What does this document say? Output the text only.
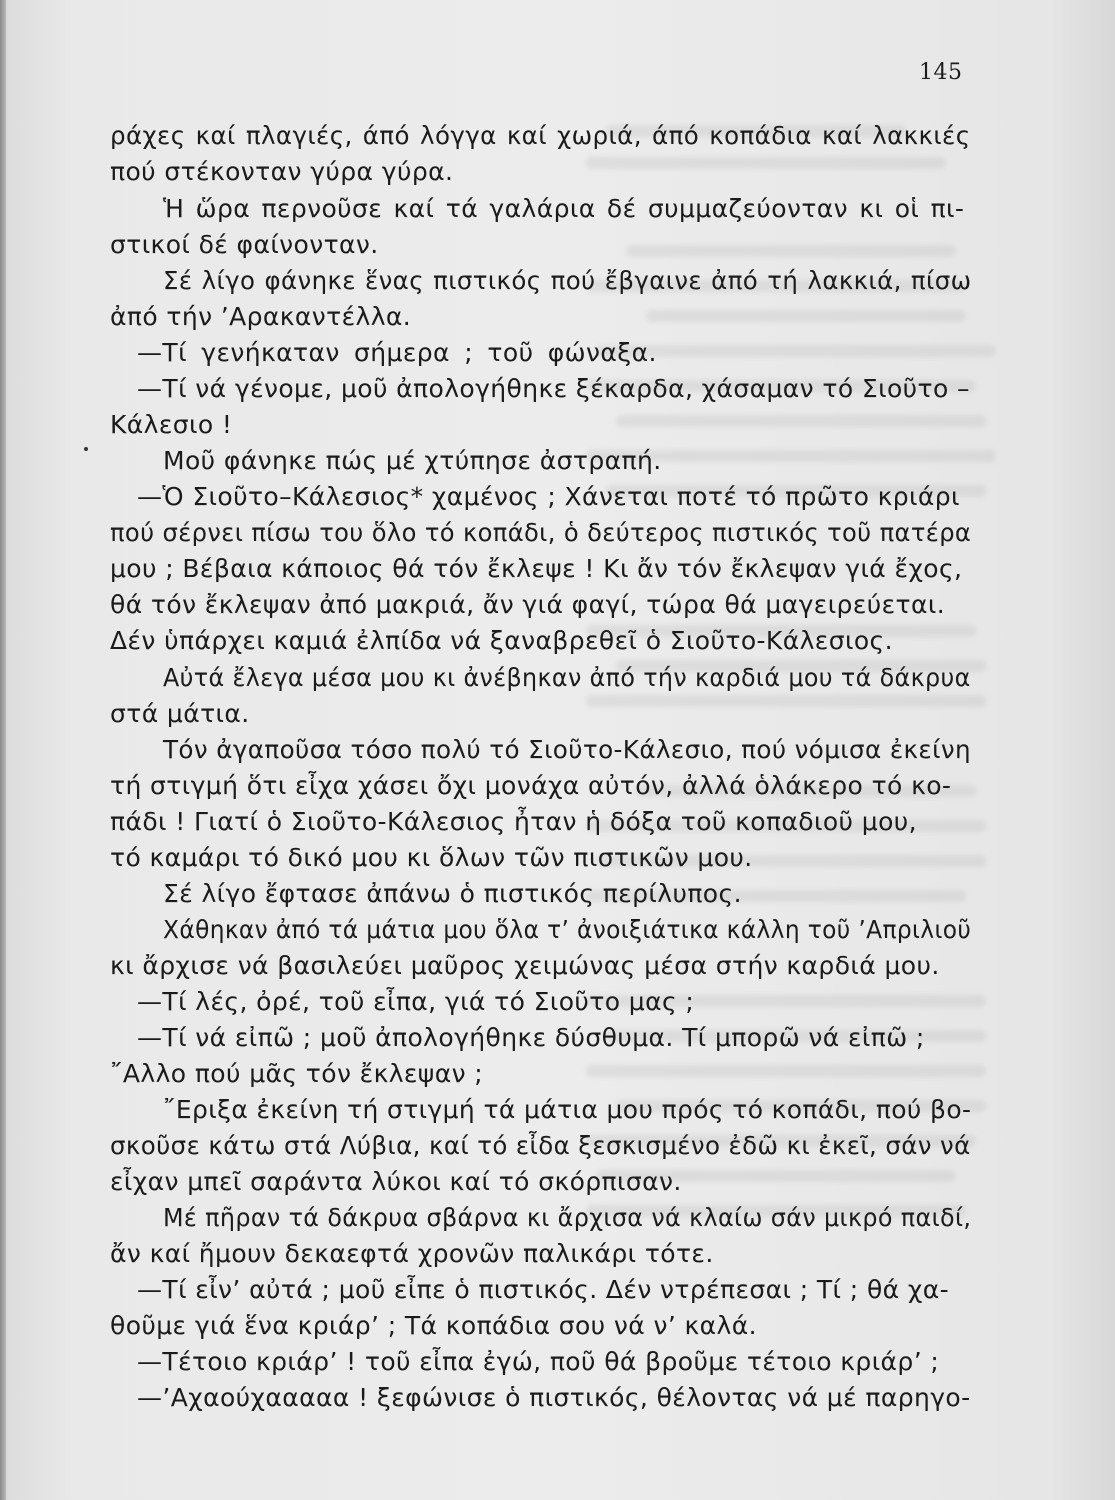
145
ράχες καί πλαγιές, άπό λόγγα καί χωριά, άπό κοπάδια καί λακκιές
πού στέκονταν γύρα γύρα.
Ἡ ὥρα περνοῦσε καί τά γαλάρια δέ συμμαζεύονταν κι οἱ πι-
στικοί δέ φαίνονταν.
Σέ λίγο φάνηκε ἕνας πιστικός πού ἔβγαινε ἀπό τή λακκιά, πίσω
ἀπό τήν ’Αρακαντέλλα.
—Τί γενήκαταν σήμερα ; τοῦ φώναξα.
—Τί νά γένομε, μοῦ ἀπολογήθηκε ξέκαρδα, χάσαμαν τό Σιοῦτο –
Κάλεσιο !
Μοῦ φάνηκε πώς μέ χτύπησε ἀστραπή.
—Ὁ Σιοῦτο–Κάλεσιος* χαμένος ; Χάνεται ποτέ τό πρῶτο κριάρι
πού σέρνει πίσω του ὅλο τό κοπάδι, ὁ δεύτερος πιστικός τοῦ πατέρα
μου ; Βέβαια κάποιος θά τόν ἔκλεψε ! Κι ἄν τόν ἔκλεψαν γιά ἔχος,
θά τόν ἔκλεψαν ἀπό μακριά, ἄν γιά φαγί, τώρα θά μαγειρεύεται.
Δέν ὑπάρχει καμιά ἐλπίδα νά ξαναβρεθεῖ ὁ Σιοῦτο-Κάλεσιος.
Αὐτά ἔλεγα μέσα μου κι ἀνέβηκαν ἀπό τήν καρδιά μου τά δάκρυα
στά μάτια.
Τόν ἀγαποῦσα τόσο πολύ τό Σιοῦτο-Κάλεσιο, πού νόμισα ἐκείνη
τή στιγμή ὅτι εἶχα χάσει ὄχι μονάχα αὐτόν, ἀλλά ὁλάκερο τό κο-
πάδι ! Γιατί ὁ Σιοῦτο-Κάλεσιος ἦταν ἡ δόξα τοῦ κοπαδιοῦ μου,
τό καμάρι τό δικό μου κι ὅλων τῶν πιστικῶν μου.
Σέ λίγο ἔφτασε ἀπάνω ὁ πιστικός περίλυπος.
Χάθηκαν ἀπό τά μάτια μου ὅλα τ’ ἀνοιξιάτικα κάλλη τοῦ ’Απριλιοῦ
κι ἄρχισε νά βασιλεύει μαῦρος χειμώνας μέσα στήν καρδιά μου.
—Τί λές, ὀρέ, τοῦ εἶπα, γιά τό Σιοῦτο μας ;
—Τί νά εἰπῶ ; μοῦ ἀπολογήθηκε δύσθυμα. Τί μπορῶ νά εἰπῶ ;
῎Αλλο πού μᾶς τόν ἔκλεψαν ;
῎Εριξα ἐκείνη τή στιγμή τά μάτια μου πρός τό κοπάδι, πού βο-
σκοῦσε κάτω στά Λύβια, καί τό εἶδα ξεσκισμένο ἐδῶ κι ἐκεῖ, σάν νά
εἶχαν μπεῖ σαράντα λύκοι καί τό σκόρπισαν.
Μέ πῆραν τά δάκρυα σβάρνα κι ἄρχισα νά κλαίω σάν μικρό παιδί,
ἄν καί ἤμουν δεκαεφτά χρονῶν παλικάρι τότε.
—Τί εἶν’ αὐτά ; μοῦ εἶπε ὁ πιστικός. Δέν ντρέπεσαι ; Τί ; θά χα-
θοῦμε γιά ἕνα κριάρ’ ; Τά κοπάδια σου νά ν’ καλά.
—Τέτοιο κριάρ’ ! τοῦ εἶπα ἐγώ, ποῦ θά βροῦμε τέτοιο κριάρ’ ;
—’Αχαούχααααα ! ξεφώνισε ὁ πιστικός, θέλοντας νά μέ παρηγο-
